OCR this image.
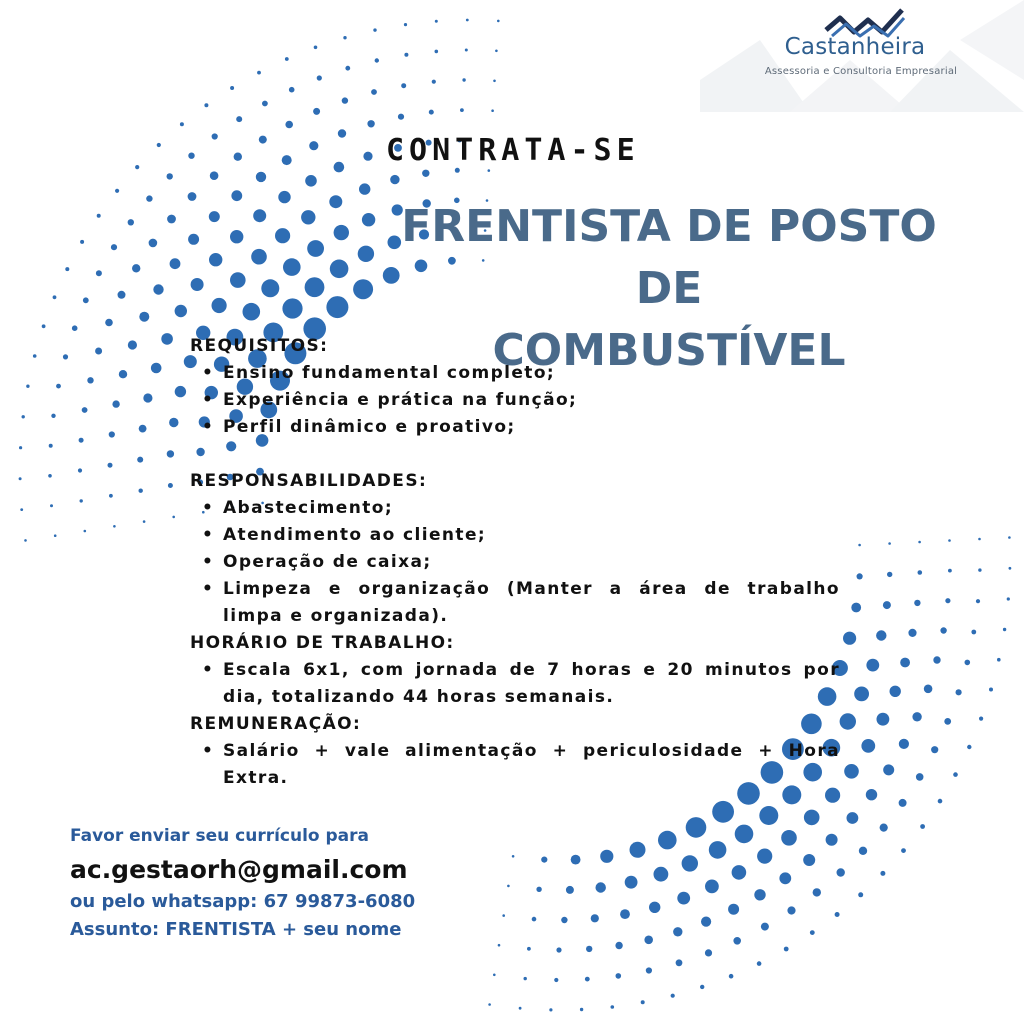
Castanheira
Assessoria e Consultoria Empresarial
CONTRATA-SE
FRENTISTA DE POSTO DE
COMBUSTÍVEL
REQUISITOS:
• Ensino fundamental completo;
• Experiência e prática na função;
• Perfil dinâmico e proativo;
RESPONSABILIDADES:
• Abastecimento;
• Atendimento ao cliente;
• Operação de caixa;
• Limpeza e organização (Manter a área de trabalho limpa e organizada).
HORÁRIO DE TRABALHO:
• Escala 6x1, com jornada de 7 horas e 20 minutos por dia, totalizando 44 horas semanais.
REMUNERAÇÃO:
• Salário + vale alimentação + periculosidade + Hora Extra.
Favor enviar seu currículo para
ac.gestaorh@gmail.com
ou pelo whatsapp: 67 99873-6080
Assunto: FRENTISTA + seu nome
